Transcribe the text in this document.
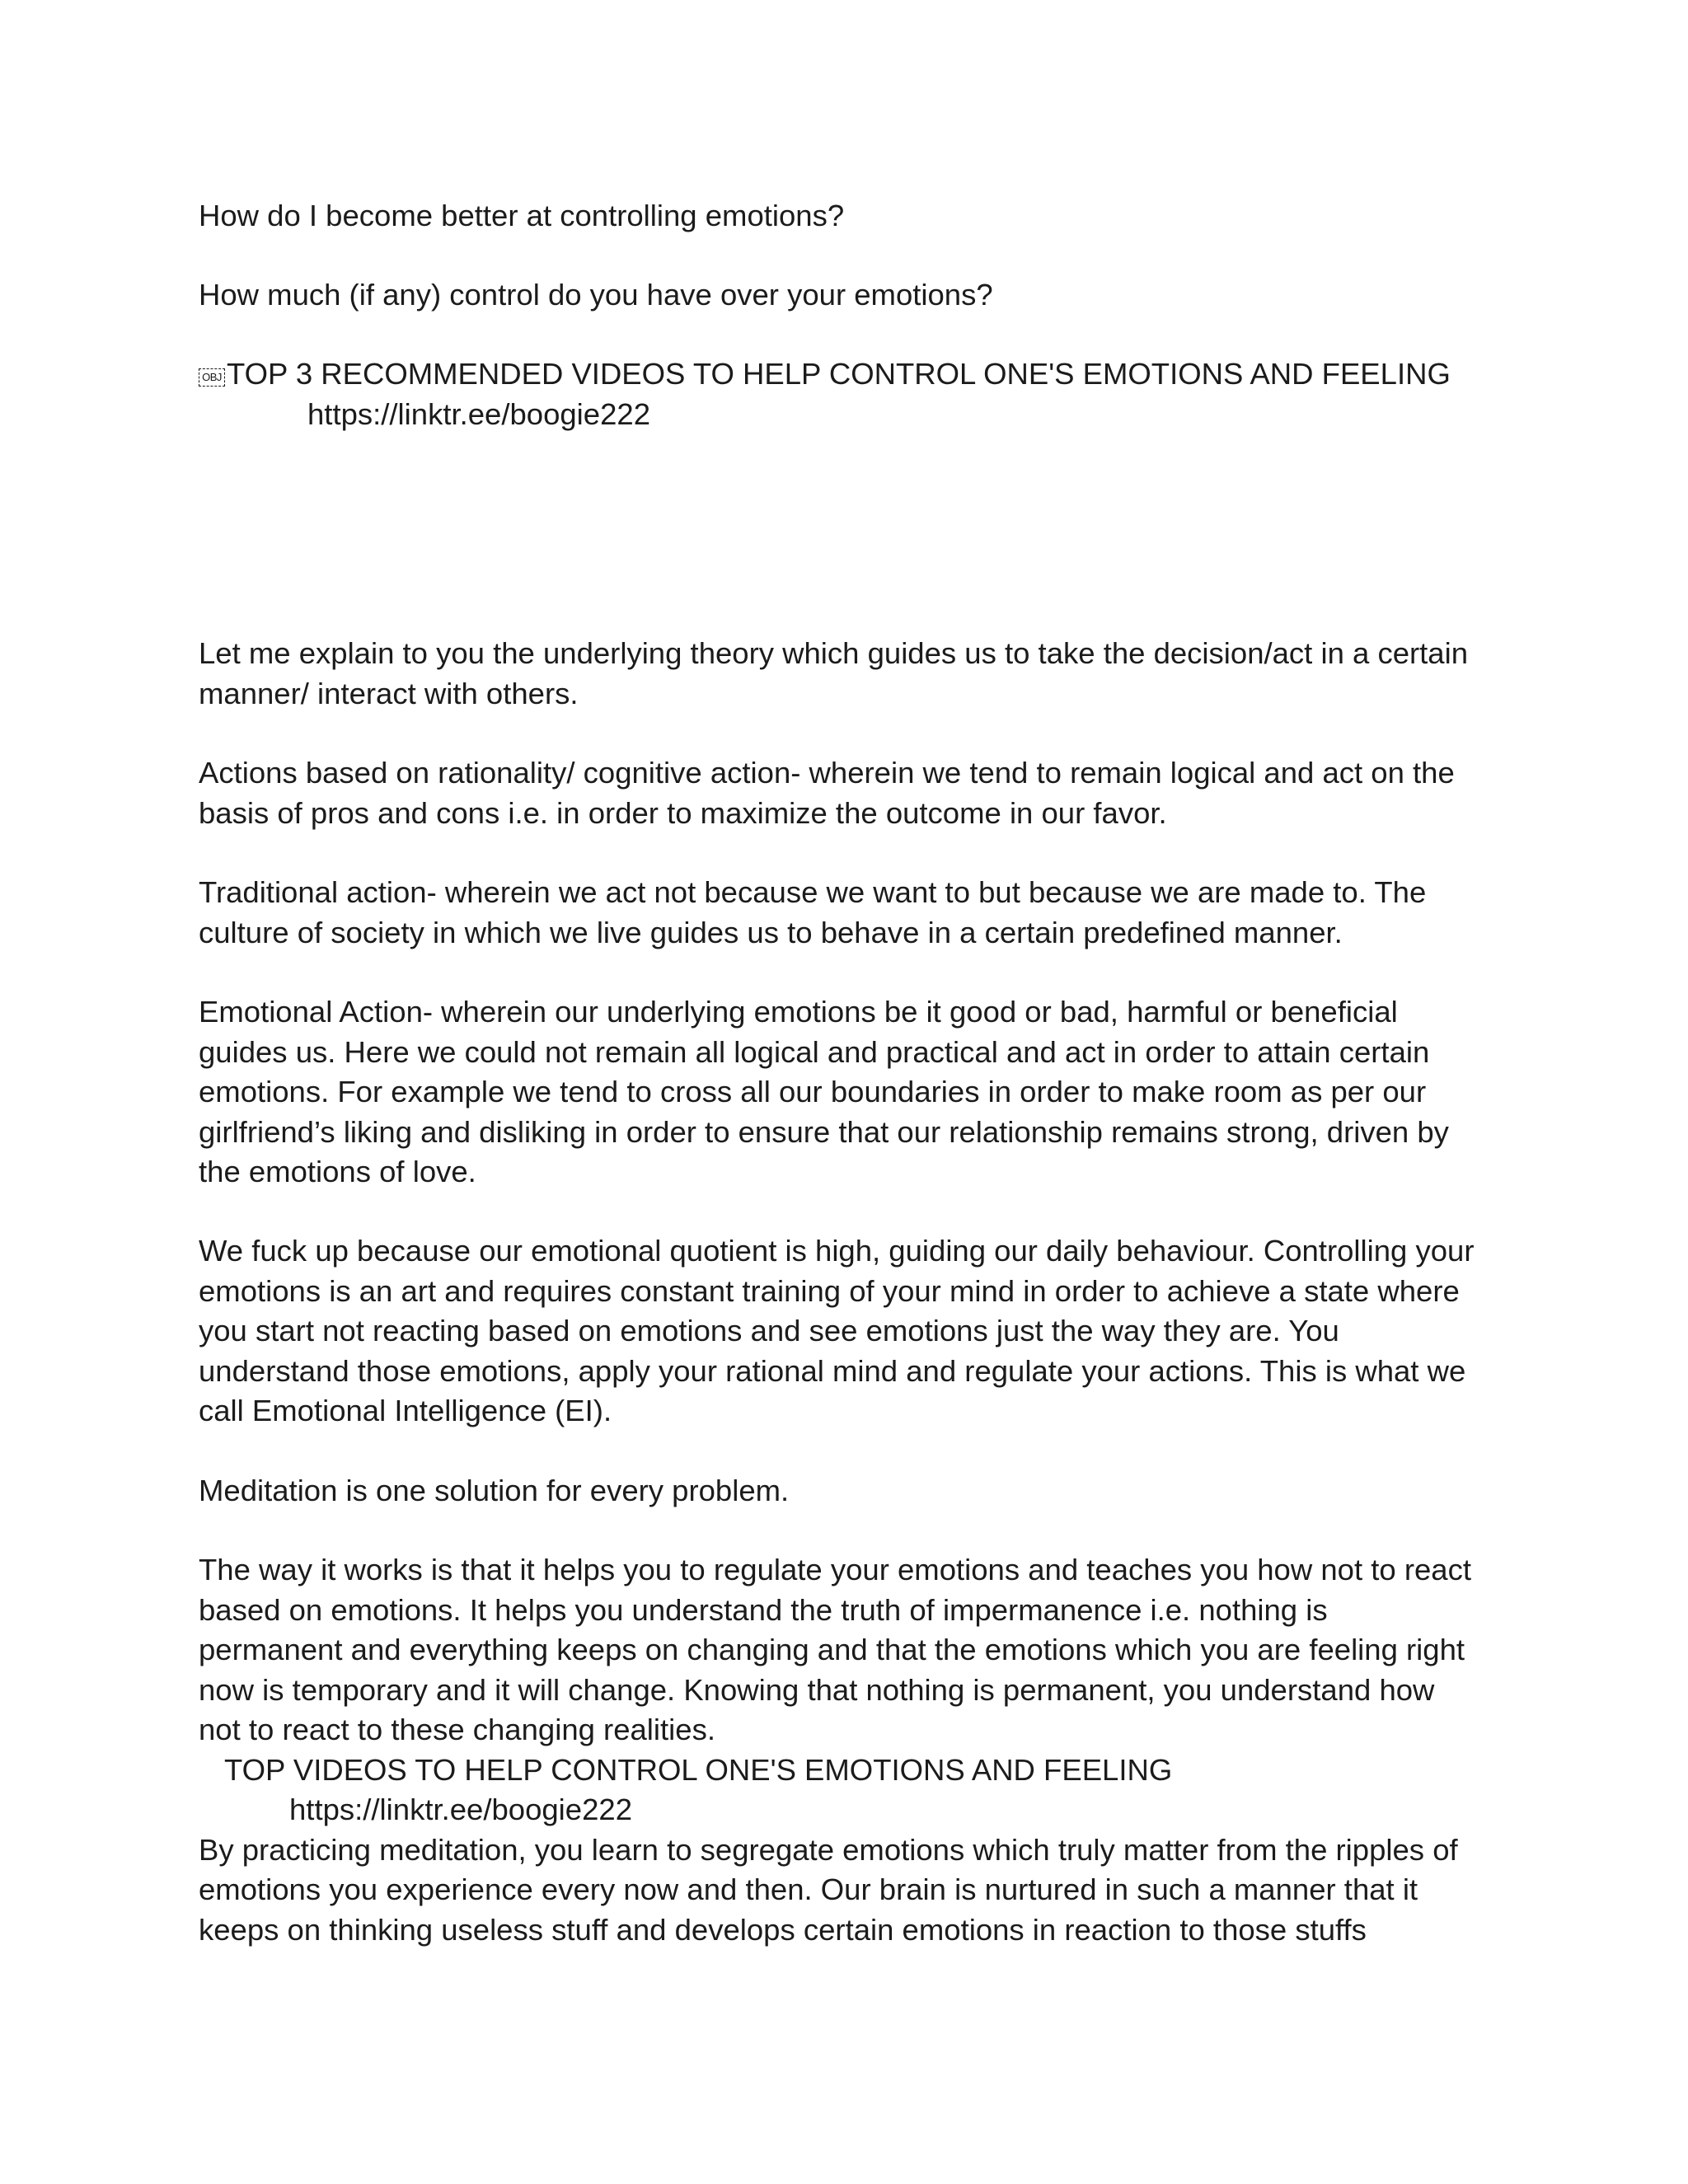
How do I become better at controlling emotions?

How much (if any) control do you have over your emotions?

OBJ TOP 3 RECOMMENDED VIDEOS TO HELP CONTROL ONE'S EMOTIONS AND FEELING
https://linktr.ee/boogie222

Let me explain to you the underlying theory which guides us to take the decision/act in a certain
manner/ interact with others.

Actions based on rationality/ cognitive action- wherein we tend to remain logical and act on the
basis of pros and cons i.e. in order to maximize the outcome in our favor.

Traditional action- wherein we act not because we want to but because we are made to. The
culture of society in which we live guides us to behave in a certain predefined manner.

Emotional Action- wherein our underlying emotions be it good or bad, harmful or beneficial
guides us. Here we could not remain all logical and practical and act in order to attain certain
emotions. For example we tend to cross all our boundaries in order to make room as per our
girlfriend’s liking and disliking in order to ensure that our relationship remains strong, driven by
the emotions of love.

We fuck up because our emotional quotient is high, guiding our daily behaviour. Controlling your
emotions is an art and requires constant training of your mind in order to achieve a state where
you start not reacting based on emotions and see emotions just the way they are. You
understand those emotions, apply your rational mind and regulate your actions. This is what we
call Emotional Intelligence (EI).

Meditation is one solution for every problem.

The way it works is that it helps you to regulate your emotions and teaches you how not to react
based on emotions. It helps you understand the truth of impermanence i.e. nothing is
permanent and everything keeps on changing and that the emotions which you are feeling right
now is temporary and it will change. Knowing that nothing is permanent, you understand how
not to react to these changing realities.
TOP VIDEOS TO HELP CONTROL ONE'S EMOTIONS AND FEELING
https://linktr.ee/boogie222
By practicing meditation, you learn to segregate emotions which truly matter from the ripples of
emotions you experience every now and then. Our brain is nurtured in such a manner that it
keeps on thinking useless stuff and develops certain emotions in reaction to those stuffs
